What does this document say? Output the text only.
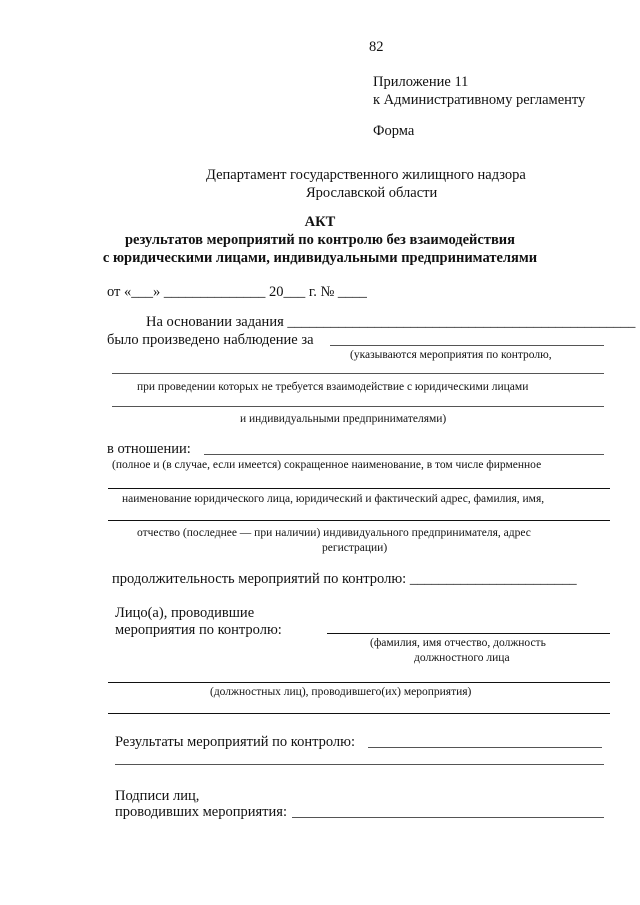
82
Приложение 11
к Административному регламенту
Форма
Департамент государственного жилищного надзора
Ярославской области
АКТ
результатов мероприятий по контролю без взаимодействия
с юридическими лицами, индивидуальными предпринимателями
от «___» ______________ 20___ г. № ____
На основании задания ________________________________________________
было произведено наблюдение за
(указываются мероприятия по контролю,
при проведении которых не требуется взаимодействие с юридическими лицами
и индивидуальными предпринимателями)
в отношении:
(полное и (в случае, если имеется) сокращенное наименование, в том числе фирменное
наименование юридического лица, юридический и фактический адрес, фамилия, имя,
отчество (последнее — при наличии) индивидуального предпринимателя, адрес
регистрации)
продолжительность мероприятий по контролю: _______________________
Лицо(а), проводившие
мероприятия по контролю:
(фамилия, имя отчество, должность
должностного лица
(должностных лиц), проводившего(их) мероприятия)
Результаты мероприятий по контролю:
Подписи лиц,
проводивших мероприятия:
